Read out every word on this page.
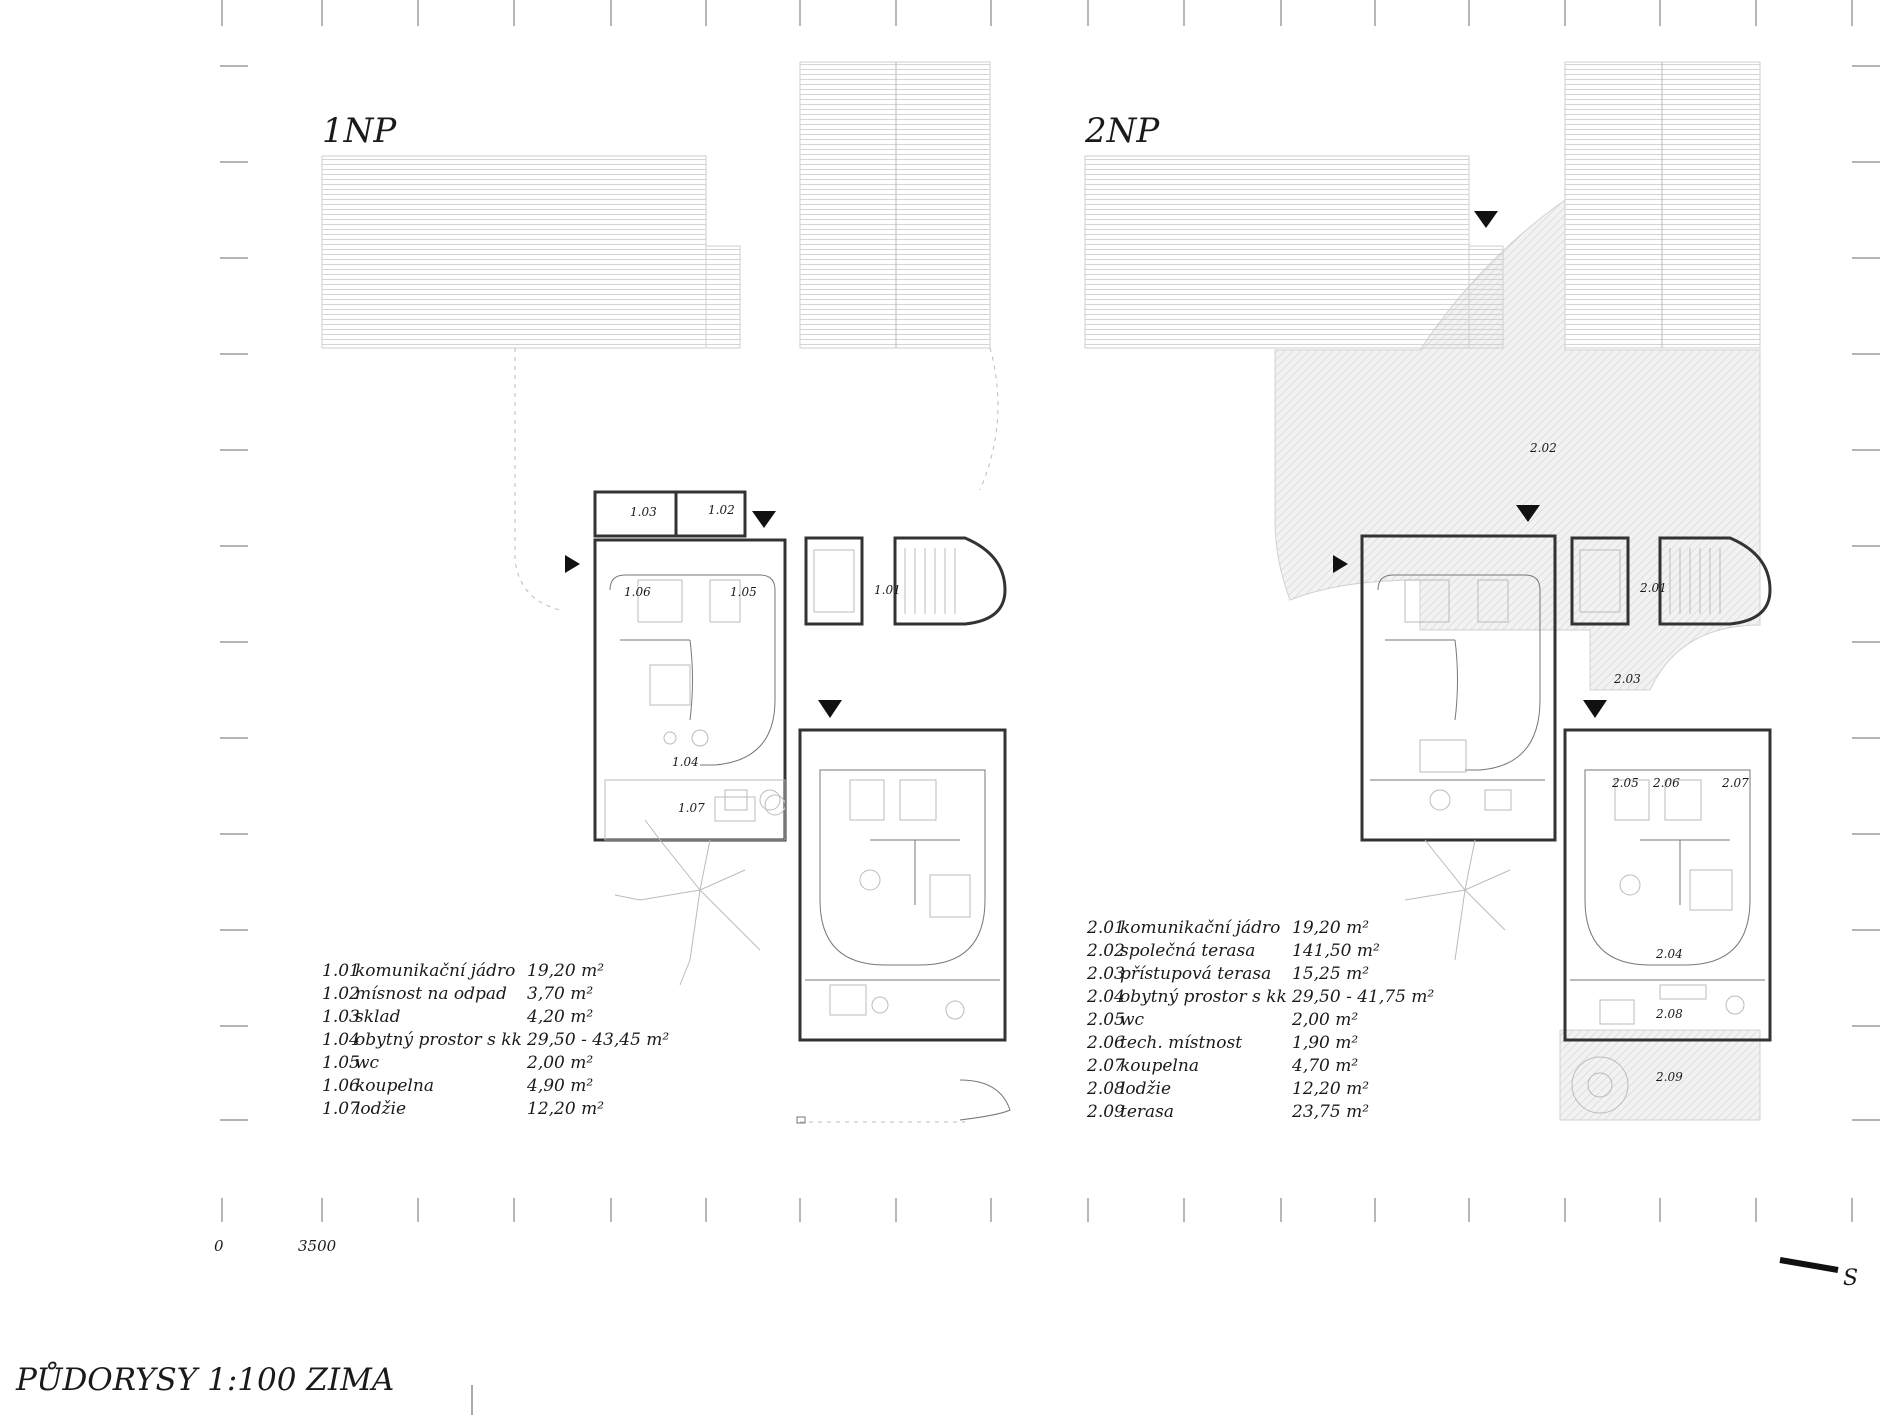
1NP
1.03	1.02
1.01
1.06	1.05
1.04
1.07
1.01
komunikační jádro 19,20 m²
1.02
mísnost na odpad 3,70 m²
1.03
sklad	4,20 m²
1.04
obytný prostor s kk 29,50 - 43,45 m²
1.05
wc	2,00 m²
1.06
koupelna	4,90 m²
1.07
lodžie	12,20 m²
2NP
2.02
2.01
2.03
2.05 2.06	2.07
2.04
2.08
2.09
2.01
komunikační jádro 19,20 m²
2.02
společná terasa 141,50 m²
2.03
přístupová terasa 15,25 m²
2.04
obytný prostor s kk 29,50 - 41,75 m²
2.05
wc	2,00 m²
2.06
tech. místnost	1,90 m²
2.07
koupelna	4,70 m²
2.08
lodžie	12,20 m²
2.09
terasa	23,75 m²
0	3500
S
PŮDORYSY 1:100 ZIMA
